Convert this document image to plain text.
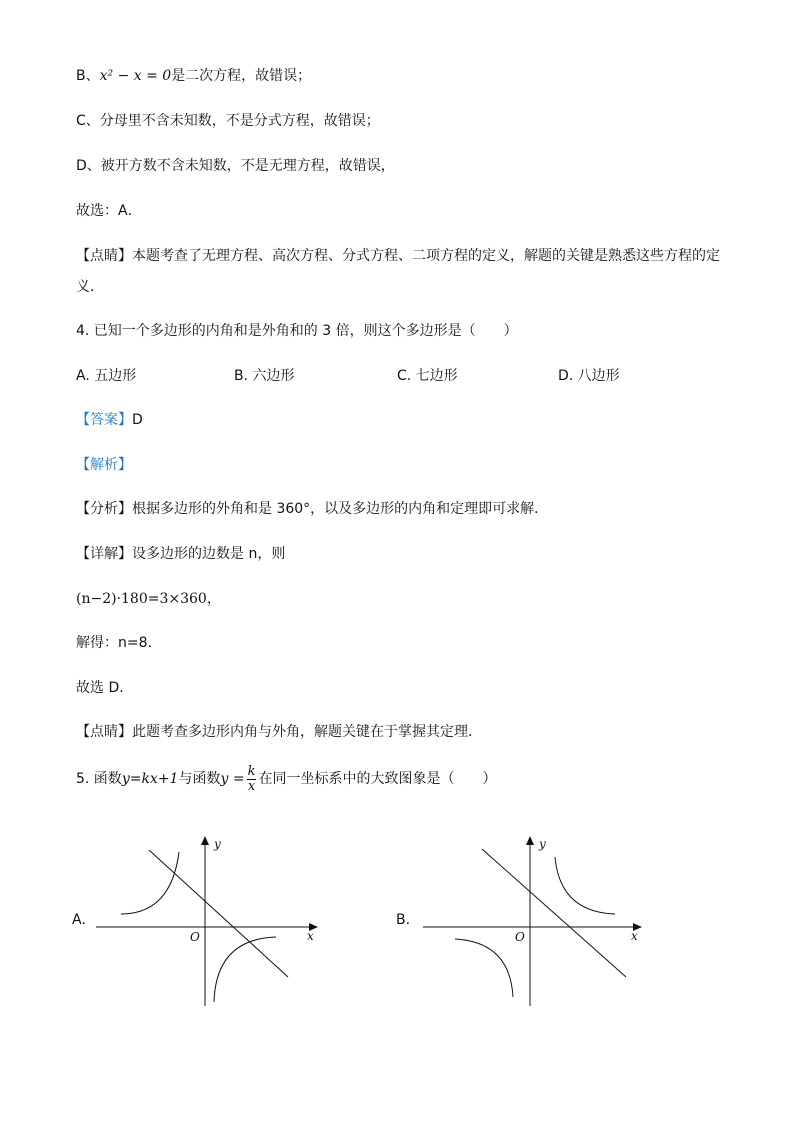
B、x² − x = 0是二次方程，故错误；
C、分母里不含未知数，不是分式方程，故错误；
D、被开方数不含未知数，不是无理方程，故错误，
故选：A．
【点睛】本题考查了无理方程、高次方程、分式方程、二项方程的定义，解题的关键是熟悉这些方程的定
义．
4. 已知一个多边形的内角和是外角和的 3 倍，则这个多边形是（　　）
A. 五边形	B. 六边形	C. 七边形	D. 八边形
【答案】D
【解析】
【分析】根据多边形的外角和是 360°，以及多边形的内角和定理即可求解．
【详解】设多边形的边数是 n，则
(n−2)·180=3×360，
解得：n=8.
故选 D.
【点睛】此题考查多边形内角与外角，解题关键在于掌握其定理．
5. 函数y=kx+1与函数$y = \frac{k}{x}$ 在同一坐标系中的大致图象是（　　）
A.
y
x
O
B.
y
x
O
